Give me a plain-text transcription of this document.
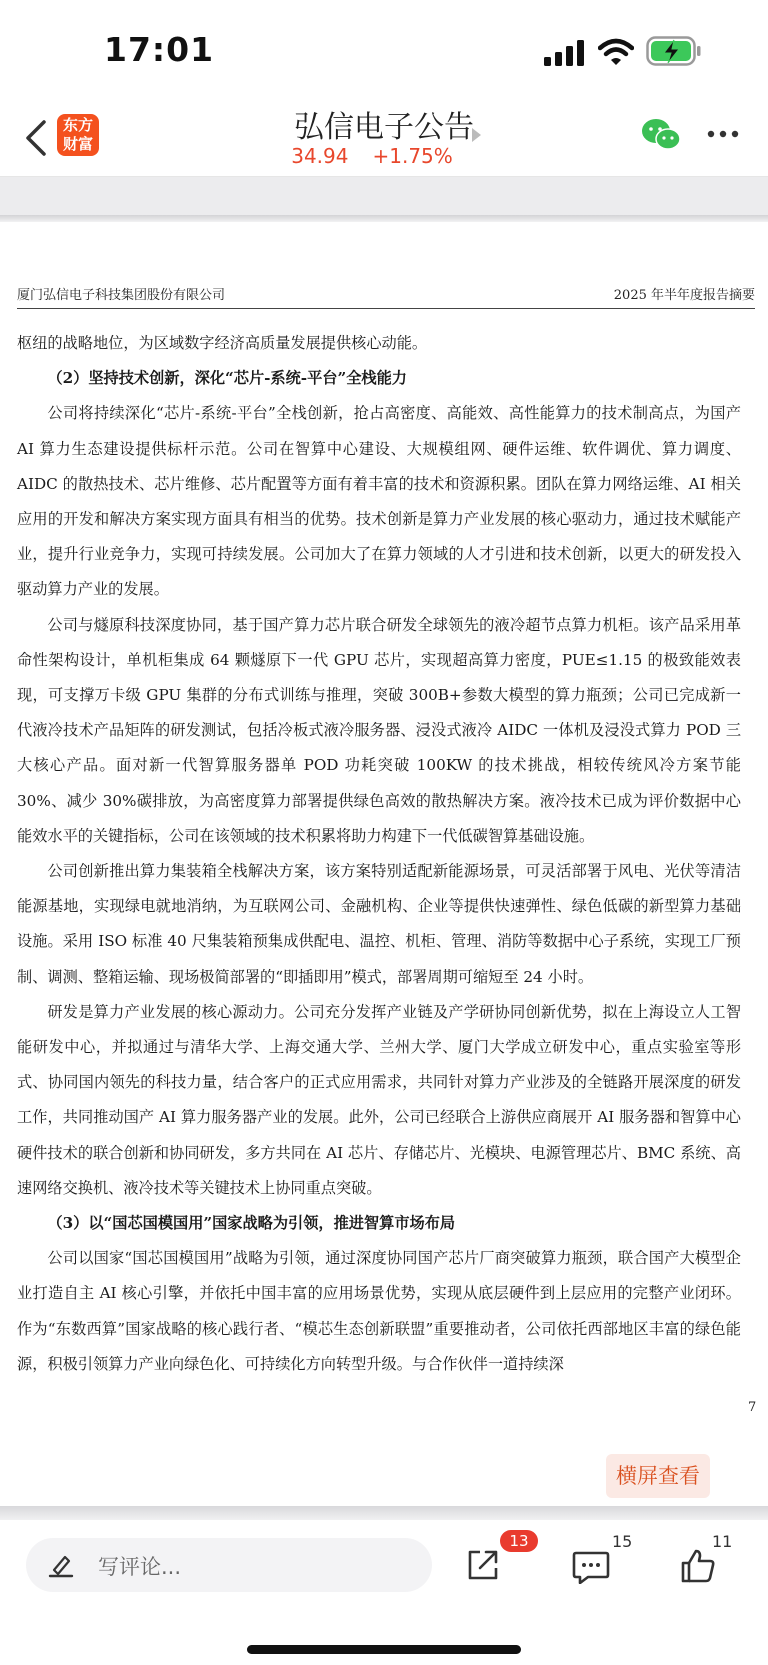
17:01
东方
财富	弘信电子公告
34.94 +1.75%
厦门弘信电子科技集团股份有限公司	2025 年半年度报告摘要

枢纽的战略地位，为区域数字经济高质量发展提供核心动能。

（2）坚持技术创新，深化“芯片-系统-平台”全栈能力

公司将持续深化“芯片-系统-平台”全栈创新，抢占高密度、高能效、高性能算力的技术制高点，为国产 AI 算力生态建设提供标杆示范。公司在智算中心建设、大规模组网、硬件运维、软件调优、算力调度、AIDC 的散热技术、芯片维修、芯片配置等方面有着丰富的技术和资源积累。团队在算力网络运维、AI 相关应用的开发和解决方案实现方面具有相当的优势。技术创新是算力产业发展的核心驱动力，通过技术赋能产业，提升行业竞争力，实现可持续发展。公司加大了在算力领域的人才引进和技术创新，以更大的研发投入驱动算力产业的发展。

公司与燧原科技深度协同，基于国产算力芯片联合研发全球领先的液冷超节点算力机柜。该产品采用革命性架构设计，单机柜集成 64 颗燧原下一代 GPU 芯片，实现超高算力密度，PUE≤1.15 的极致能效表现，可支撑万卡级 GPU 集群的分布式训练与推理，突破 300B+参数大模型的算力瓶颈；公司已完成新一代液冷技术产品矩阵的研发测试，包括冷板式液冷服务器、浸没式液冷 AIDC 一体机及浸没式算力 POD 三大核心产品。面对新一代智算服务器单 POD 功耗突破 100KW 的技术挑战，相较传统风冷方案节能 30%、减少 30%碳排放，为高密度算力部署提供绿色高效的散热解决方案。液冷技术已成为评价数据中心能效水平的关键指标，公司在该领域的技术积累将助力构建下一代低碳智算基础设施。

公司创新推出算力集装箱全栈解决方案，该方案特别适配新能源场景，可灵活部署于风电、光伏等清洁能源基地，实现绿电就地消纳，为互联网公司、金融机构、企业等提供快速弹性、绿色低碳的新型算力基础设施。采用 ISO 标准 40 尺集装箱预集成供配电、温控、机柜、管理、消防等数据中心子系统，实现工厂预制、调测、整箱运输、现场极简部署的“即插即用”模式，部署周期可缩短至 24 小时。

研发是算力产业发展的核心源动力。公司充分发挥产业链及产学研协同创新优势，拟在上海设立人工智能研发中心，并拟通过与清华大学、上海交通大学、兰州大学、厦门大学成立研发中心，重点实验室等形式、协同国内领先的科技力量，结合客户的正式应用需求，共同针对算力产业涉及的全链路开展深度的研发工作，共同推动国产 AI 算力服务器产业的发展。此外，公司已经联合上游供应商展开 AI 服务器和智算中心硬件技术的联合创新和协同研发，多方共同在 AI 芯片、存储芯片、光模块、电源管理芯片、BMC 系统、高速网络交换机、液冷技术等关键技术上协同重点突破。

（3）以“国芯国模国用”国家战略为引领，推进智算市场布局

公司以国家“国芯国模国用”战略为引领，通过深度协同国产芯片厂商突破算力瓶颈，联合国产大模型企业打造自主 AI 核心引擎，并依托中国丰富的应用场景优势，实现从底层硬件到上层应用的完整产业闭环。作为“东数西算”国家战略的核心践行者、“模芯生态创新联盟”重要推动者，公司依托西部地区丰富的绿色能源，积极引领算力产业向绿色化、可持续化方向转型升级。与合作伙伴一道持续深

7
横屏查看
写评论...
13	15	11
